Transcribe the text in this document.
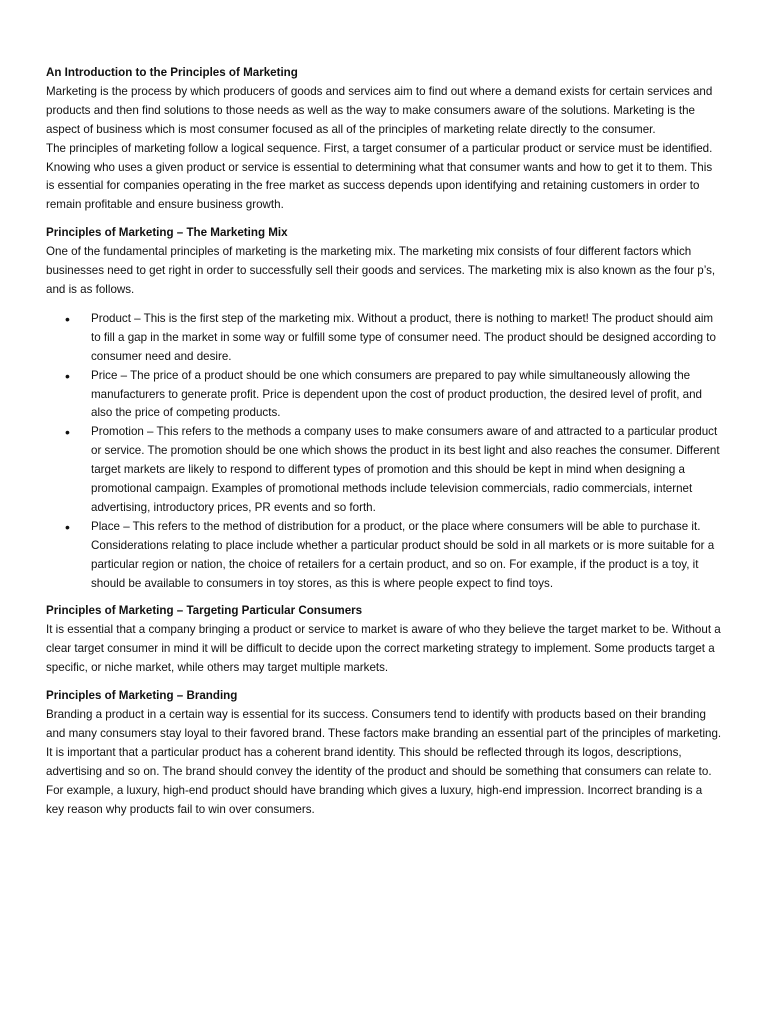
An Introduction to the Principles of Marketing

Marketing is the process by which producers of goods and services aim to find out where a demand exists for certain services and products and then find solutions to those needs as well as the way to make consumers aware of the solutions. Marketing is the aspect of business which is most consumer focused as all of the principles of marketing relate directly to the consumer.

The principles of marketing follow a logical sequence. First, a target consumer of a particular product or service must be identified. Knowing who uses a given product or service is essential to determining what that consumer wants and how to get it to them. This is essential for companies operating in the free market as success depends upon identifying and retaining customers in order to remain profitable and ensure business growth.

Principles of Marketing – The Marketing Mix

One of the fundamental principles of marketing is the marketing mix. The marketing mix consists of four different factors which businesses need to get right in order to successfully sell their goods and services. The marketing mix is also known as the four p’s, and is as follows.

• Product – This is the first step of the marketing mix. Without a product, there is nothing to market! The product should aim to fill a gap in the market in some way or fulfill some type of consumer need. The product should be designed according to consumer need and desire.
• Price – The price of a product should be one which consumers are prepared to pay while simultaneously allowing the manufacturers to generate profit. Price is dependent upon the cost of product production, the desired level of profit, and also the price of competing products.
• Promotion – This refers to the methods a company uses to make consumers aware of and attracted to a particular product or service. The promotion should be one which shows the product in its best light and also reaches the consumer. Different target markets are likely to respond to different types of promotion and this should be kept in mind when designing a promotional campaign. Examples of promotional methods include television commercials, radio commercials, internet advertising, introductory prices, PR events and so forth.
• Place – This refers to the method of distribution for a product, or the place where consumers will be able to purchase it. Considerations relating to place include whether a particular product should be sold in all markets or is more suitable for a particular region or nation, the choice of retailers for a certain product, and so on. For example, if the product is a toy, it should be available to consumers in toy stores, as this is where people expect to find toys.

Principles of Marketing – Targeting Particular Consumers

It is essential that a company bringing a product or service to market is aware of who they believe the target market to be. Without a clear target consumer in mind it will be difficult to decide upon the correct marketing strategy to implement. Some products target a specific, or niche market, while others may target multiple markets.

Principles of Marketing – Branding

Branding a product in a certain way is essential for its success. Consumers tend to identify with products based on their branding and many consumers stay loyal to their favored brand. These factors make branding an essential part of the principles of marketing. It is important that a particular product has a coherent brand identity. This should be reflected through its logos, descriptions, advertising and so on. The brand should convey the identity of the product and should be something that consumers can relate to. For example, a luxury, high-end product should have branding which gives a luxury, high-end impression. Incorrect branding is a key reason why products fail to win over consumers.
